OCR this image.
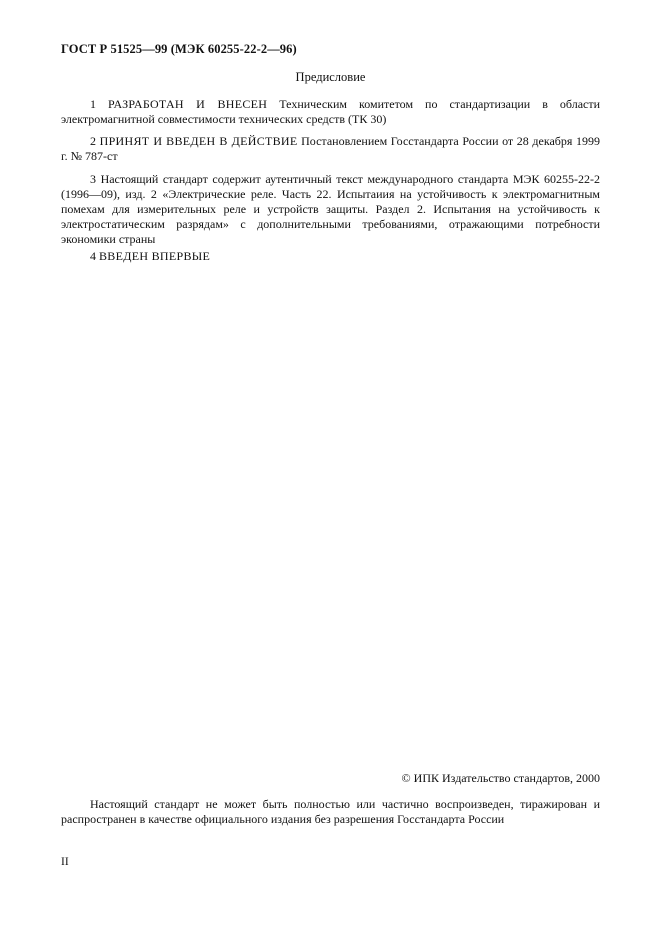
ГОСТ Р 51525—99 (МЭК 60255-22-2—96)
Предисловие

1 РАЗРАБОТАН И ВНЕСЕН Техническим комитетом по стандартизации в области электромагнитной совместимости технических средств (ТК 30)

2 ПРИНЯТ И ВВЕДЕН В ДЕЙСТВИЕ Постановлением Госстандарта России от 28 декабря 1999 г. № 787-ст

3 Настоящий стандарт содержит аутентичный текст международного стандарта МЭК 60255-22-2 (1996—09), изд. 2 «Электрические реле. Часть 22. Испытаиия на устойчивость к электромагнитным помехам для измерительных реле и устройств защиты. Раздел 2. Испытания на устойчивость к электростатическим разрядам» с дополнительными требованиями, отражающими потребности экономики страны

4 ВВЕДЕН ВПЕРВЫЕ

© ИПК Издательство стандартов, 2000

Настоящий стандарт не может быть полностью или частично воспроизведен, тиражирован и распространен в качестве официального издания без разрешения Госстандарта России

II
